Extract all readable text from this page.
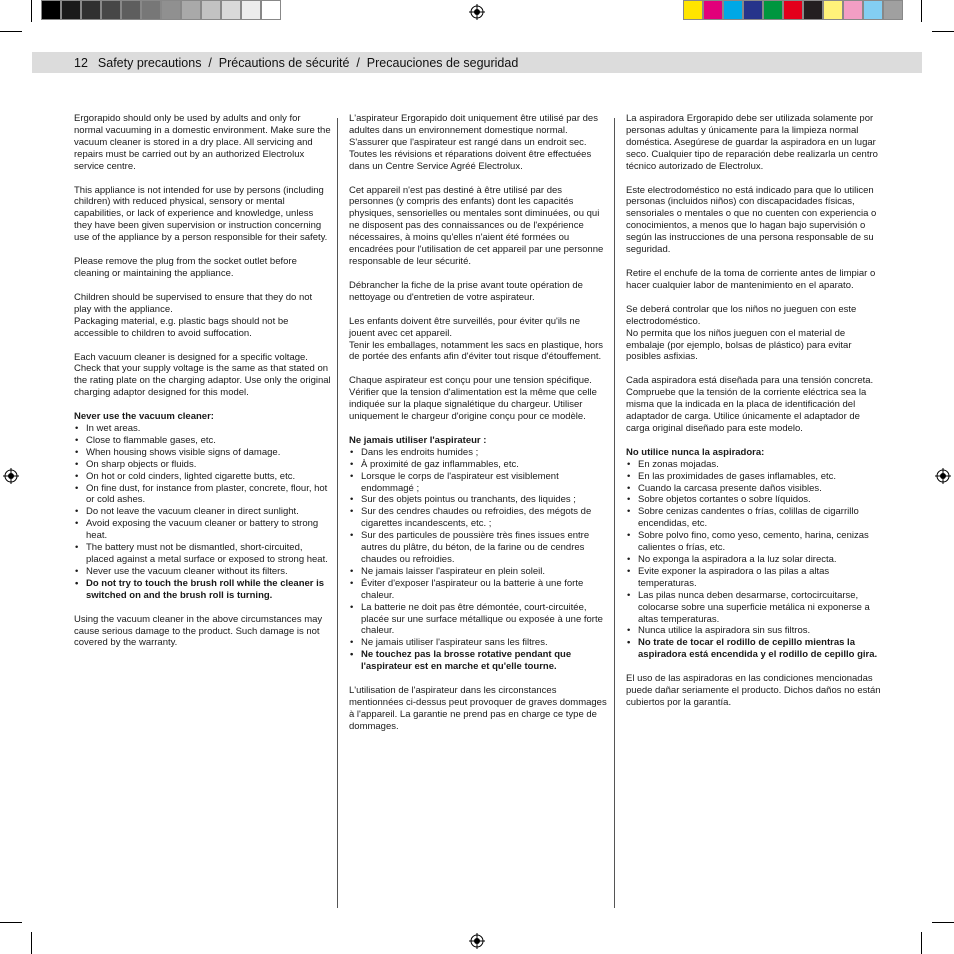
12 Safety precautions  /  Précautions de sécurité  /  Precauciones de seguridad

Ergorapido should only be used by adults and only for normal vacuuming in a domestic environment. Make sure the vacuum cleaner is stored in a dry place. All servicing and repairs must be carried out by an authorized Electrolux service centre.

This appliance is not intended for use by persons (including children) with reduced physical, sensory or mental capabilities, or lack of experience and knowledge, unless they have been given supervision or instruction concerning use of the appliance by a person responsible for their safety.

Please remove the plug from the socket outlet before cleaning or maintaining the appliance.

Children should be supervised to ensure that they do not play with the appliance.
Packaging material, e.g. plastic bags should not be accessible to children to avoid suffocation.

Each vacuum cleaner is designed for a specific voltage. Check that your supply voltage is the same as that stated on the rating plate on the charging adaptor. Use only the original charging adaptor designed for this model.

Never use the vacuum cleaner:
• In wet areas.
• Close to flammable gases, etc.
• When housing shows visible signs of damage.
• On sharp objects or fluids.
• On hot or cold cinders, lighted cigarette butts, etc.
• On fine dust, for instance from plaster, concrete, flour, hot or cold ashes.
• Do not leave the vacuum cleaner in direct sunlight.
• Avoid exposing the vacuum cleaner or battery to strong heat.
• The battery must not be dismantled, short-circuited, placed against a metal surface or exposed to strong heat.
• Never use the vacuum cleaner without its filters.
• Do not try to touch the brush roll while the cleaner is switched on and the brush roll is turning.

Using the vacuum cleaner in the above circumstances may cause serious damage to the product. Such damage is not covered by the warranty.

L'aspirateur Ergorapido doit uniquement être utilisé par des adultes dans un environnement domestique normal. S'assurer que l'aspirateur est rangé dans un endroit sec. Toutes les révisions et réparations doivent être effectuées dans un Centre Service Agréé Electrolux.

Cet appareil n'est pas destiné à être utilisé par des personnes (y compris des enfants) dont les capacités physiques, sensorielles ou mentales sont diminuées, ou qui ne disposent pas des connaissances ou de l'expérience nécessaires, à moins qu'elles n'aient été formées ou encadrées pour l'utilisation de cet appareil par une personne responsable de leur sécurité.

Débrancher la fiche de la prise avant toute opération de nettoyage ou d'entretien de votre aspirateur.

Les enfants doivent être surveillés, pour éviter qu'ils ne jouent avec cet appareil.
Tenir les emballages, notamment les sacs en plastique, hors de portée des enfants afin d'éviter tout risque d'étouffement.

Chaque aspirateur est conçu pour une tension spécifique. Vérifier que la tension d'alimentation est la même que celle indiquée sur la plaque signalétique du chargeur. Utiliser uniquement le chargeur d'origine conçu pour ce modèle.

Ne jamais utiliser l'aspirateur :
• Dans les endroits humides ;
• À proximité de gaz inflammables, etc.
• Lorsque le corps de l'aspirateur est visiblement endommagé ;
• Sur des objets pointus ou tranchants, des liquides ;
• Sur des cendres chaudes ou refroidies, des mégots de cigarettes incandescents, etc. ;
• Sur des particules de poussière très fines issues entre autres du plâtre, du béton, de la farine ou de cendres chaudes ou refroidies.
• Ne jamais laisser l'aspirateur en plein soleil.
• Éviter d'exposer l'aspirateur ou la batterie à une forte chaleur.
• La batterie ne doit pas être démontée, court-circuitée, placée sur une surface métallique ou exposée à une forte chaleur.
• Ne jamais utiliser l'aspirateur sans les filtres.
• Ne touchez pas la brosse rotative pendant que l'aspirateur est en marche et qu'elle tourne.

L'utilisation de l'aspirateur dans les circonstances mentionnées ci-dessus peut provoquer de graves dommages à l'appareil. La garantie ne prend pas en charge ce type de dommages.

La aspiradora Ergorapido debe ser utilizada solamente por personas adultas y únicamente para la limpieza normal doméstica. Asegúrese de guardar la aspiradora en un lugar seco. Cualquier tipo de reparación debe realizarla un centro técnico autorizado de Electrolux.

Este electrodoméstico no está indicado para que lo utilicen personas (incluidos niños) con discapacidades físicas, sensoriales o mentales o que no cuenten con experiencia o conocimientos, a menos que lo hagan bajo supervisión o según las instrucciones de una persona responsable de su seguridad.

Retire el enchufe de la toma de corriente antes de limpiar o hacer cualquier labor de mantenimiento en el aparato.

Se deberá controlar que los niños no jueguen con este electrodoméstico.
No permita que los niños jueguen con el material de embalaje (por ejemplo, bolsas de plástico) para evitar posibles asfixias.

Cada aspiradora está diseñada para una tensión concreta. Compruebe que la tensión de la corriente eléctrica sea la misma que la indicada en la placa de identificación del adaptador de carga. Utilice únicamente el adaptador de carga original diseñado para este modelo.

No utilice nunca la aspiradora:
• En zonas mojadas.
• En las proximidades de gases inflamables, etc.
• Cuando la carcasa presente daños visibles.
• Sobre objetos cortantes o sobre líquidos.
• Sobre cenizas candentes o frías, colillas de cigarrillo encendidas, etc.
• Sobre polvo fino, como yeso, cemento, harina, cenizas calientes o frías, etc.
• No exponga la aspiradora a la luz solar directa.
• Evite exponer la aspiradora o las pilas a altas temperaturas.
• Las pilas nunca deben desarmarse, cortocircuitarse, colocarse sobre una superficie metálica ni exponerse a altas temperaturas.
• Nunca utilice la aspiradora sin sus filtros.
• No trate de tocar el rodillo de cepillo mientras la aspiradora está encendida y el rodillo de cepillo gira.

El uso de las aspiradoras en las condiciones mencionadas puede dañar seriamente el producto. Dichos daños no están cubiertos por la garantía.
